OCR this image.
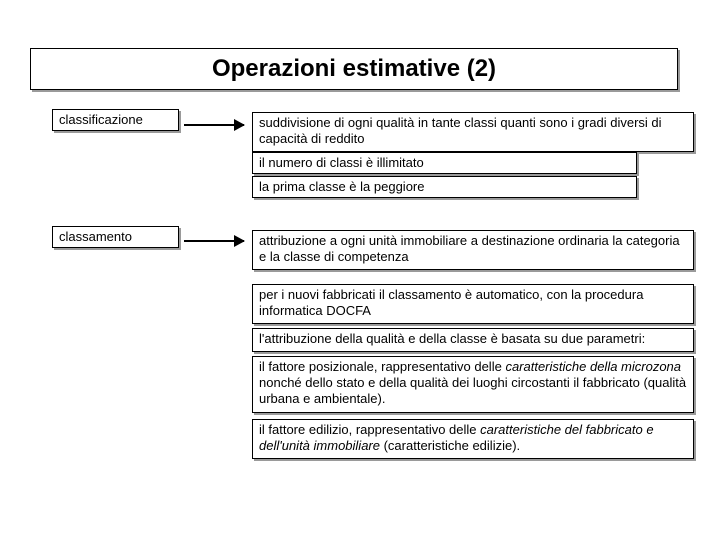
Operazioni estimative (2)
classificazione
classamento
suddivisione di ogni qualità in tante classi quanti sono i gradi diversi di capacità di reddito
il numero di classi è illimitato
la prima classe è la peggiore
attribuzione a ogni unità immobiliare a destinazione ordinaria la categoria e la classe di competenza
per i nuovi fabbricati il classamento è automatico, con la procedura informatica DOCFA
l'attribuzione della qualità e della classe è basata su due parametri:
il fattore posizionale, rappresentativo delle caratteristiche della microzona nonché dello stato e della qualità dei luoghi circostanti il fabbricato (qualità urbana e ambientale).
il fattore edilizio, rappresentativo delle caratteristiche del fabbricato e dell'unità immobiliare (caratteristiche edilizie).
